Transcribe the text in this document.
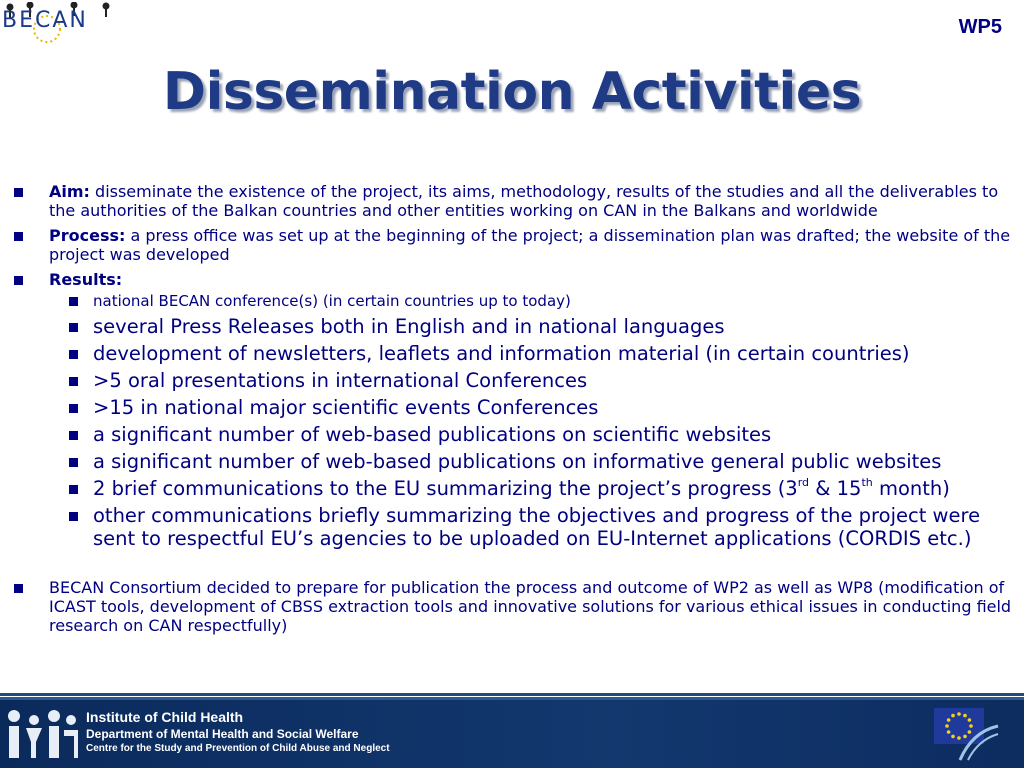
BECAN	WP5
Dissemination Activities
Aim: disseminate the existence of the project, its aims, methodology, results of the studies and all the deliverables to the authorities of the Balkan countries and other entities working on CAN in the Balkans and worldwide
Process: a press office was set up at the beginning of the project; a dissemination plan was drafted; the website of the project was developed
Results:
national BECAN conference(s) (in certain countries up to today)
several Press Releases both in English and in national languages
development of newsletters, leaflets and information material (in certain countries)
>5 oral presentations in international Conferences
>15 in national major scientific events Conferences
a significant number of web-based publications on scientific websites
a significant number of web-based publications on informative general public websites
2 brief communications to the EU summarizing the project’s progress (3rd & 15th month)
other communications briefly summarizing the objectives and progress of the project were sent to respectful EU’s agencies to be uploaded on EU-Internet applications (CORDIS etc.)
BECAN Consortium decided to prepare for publication the process and outcome of WP2 as well as WP8 (modification of ICAST tools, development of CBSS extraction tools and innovative solutions for various ethical issues in conducting field research on CAN respectfully)
Institute of Child Health
Department of Mental Health and Social Welfare
Centre for the Study and Prevention of Child Abuse and Neglect
